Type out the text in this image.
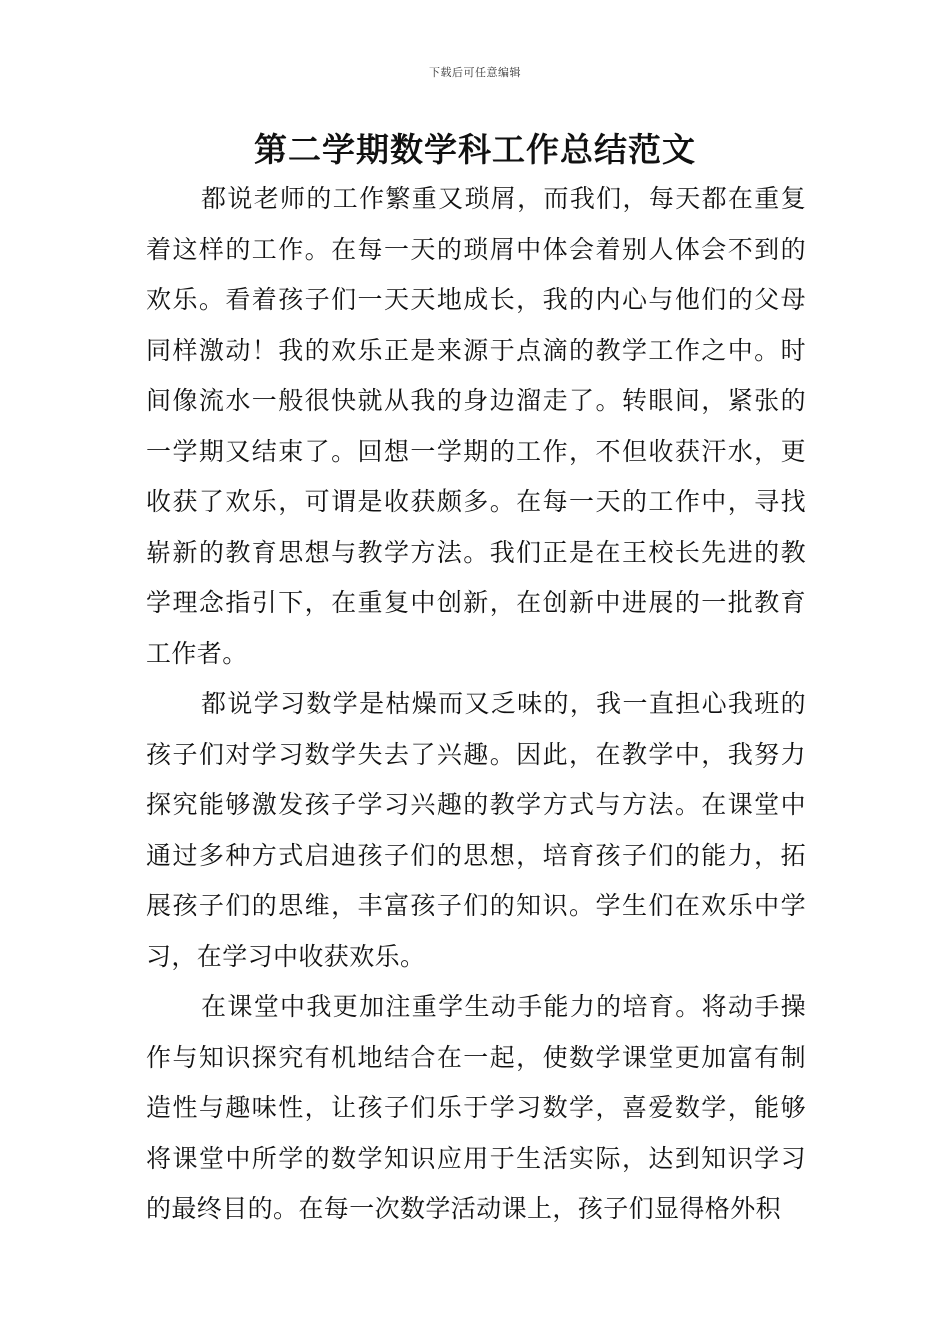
下载后可任意编辑
第二学期数学科工作总结范文

都说老师的工作繁重又琐屑，而我们，每天都在重复着这样的工作。在每一天的琐屑中体会着别人体会不到的欢乐。看着孩子们一天天地成长，我的内心与他们的父母同样激动！我的欢乐正是来源于点滴的教学工作之中。时间像流水一般很快就从我的身边溜走了。转眼间，紧张的一学期又结束了。回想一学期的工作，不但收获汗水，更收获了欢乐，可谓是收获颇多。在每一天的工作中，寻找崭新的教育思想与教学方法。我们正是在王校长先进的教学理念指引下，在重复中创新，在创新中进展的一批教育工作者。

都说学习数学是枯燥而又乏味的，我一直担心我班的孩子们对学习数学失去了兴趣。因此，在教学中，我努力探究能够激发孩子学习兴趣的教学方式与方法。在课堂中通过多种方式启迪孩子们的思想，培育孩子们的能力，拓展孩子们的思维，丰富孩子们的知识。学生们在欢乐中学习，在学习中收获欢乐。

在课堂中我更加注重学生动手能力的培育。将动手操作与知识探究有机地结合在一起，使数学课堂更加富有制造性与趣味性，让孩子们乐于学习数学，喜爱数学，能够将课堂中所学的数学知识应用于生活实际，达到知识学习的最终目的。在每一次数学活动课上，孩子们显得格外积
